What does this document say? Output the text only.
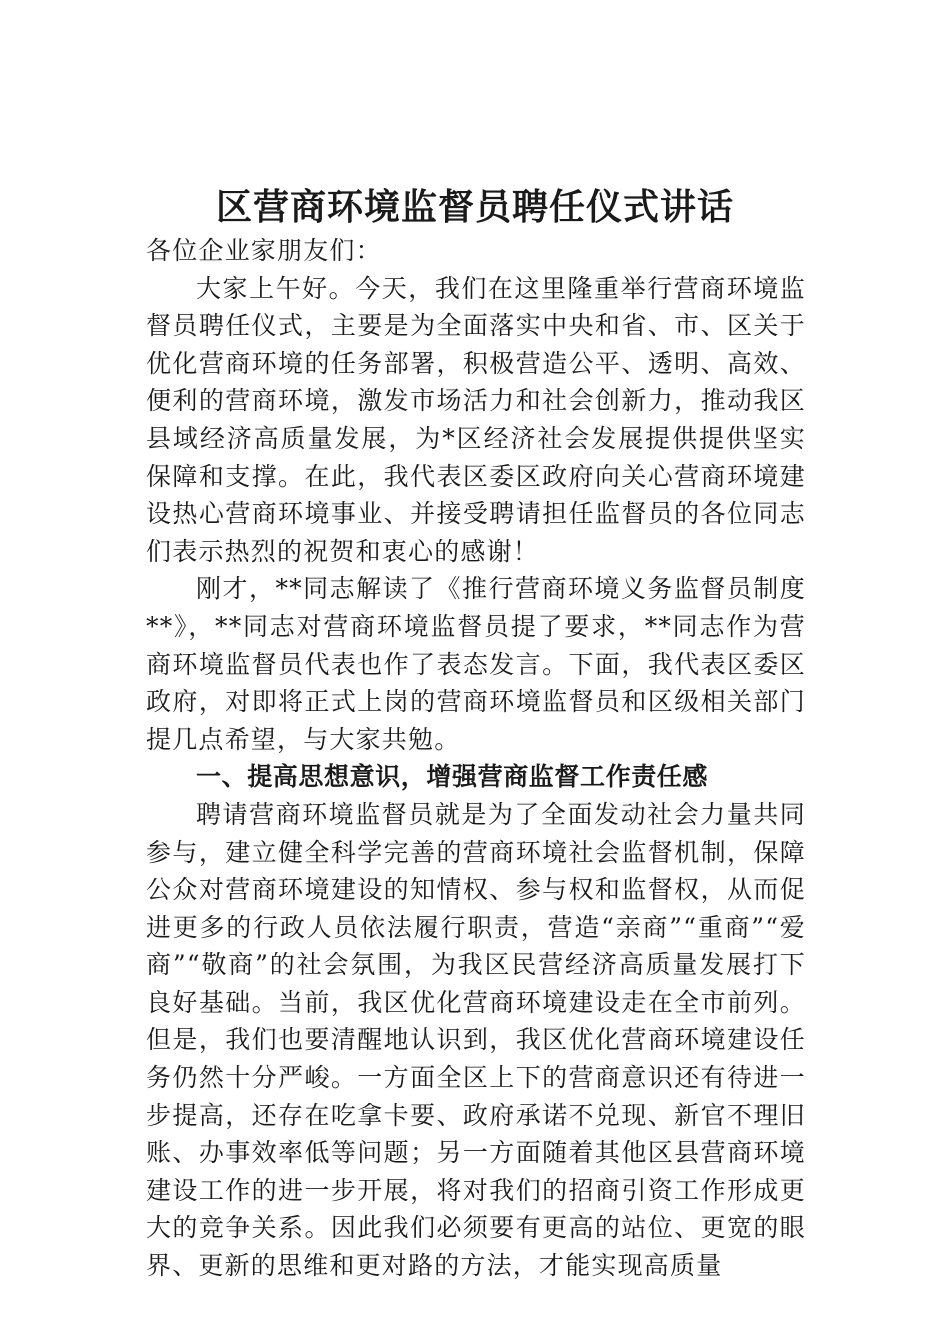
区营商环境监督员聘任仪式讲话

各位企业家朋友们：

大家上午好。今天，我们在这里隆重举行营商环境监督员聘任仪式，主要是为全面落实中央和省、市、区关于优化营商环境的任务部署，积极营造公平、透明、高效、便利的营商环境，激发市场活力和社会创新力，推动我区县域经济高质量发展，为*区经济社会发展提供提供坚实保障和支撑。在此，我代表区委区政府向关心营商环境建设热心营商环境事业、并接受聘请担任监督员的各位同志们表示热烈的祝贺和衷心的感谢！

刚才，**同志解读了《推行营商环境义务监督员制度**》，**同志对营商环境监督员提了要求，**同志作为营商环境监督员代表也作了表态发言。下面，我代表区委区政府，对即将正式上岗的营商环境监督员和区级相关部门提几点希望，与大家共勉。

一、提高思想意识，增强营商监督工作责任感

聘请营商环境监督员就是为了全面发动社会力量共同参与，建立健全科学完善的营商环境社会监督机制，保障公众对营商环境建设的知情权、参与权和监督权，从而促进更多的行政人员依法履行职责，营造“亲商”“重商”“爱商”“敬商”的社会氛围，为我区民营经济高质量发展打下良好基础。当前，我区优化营商环境建设走在全市前列。但是，我们也要清醒地认识到，我区优化营商环境建设任务仍然十分严峻。一方面全区上下的营商意识还有待进一步提高，还存在吃拿卡要、政府承诺不兑现、新官不理旧账、办事效率低等问题；另一方面随着其他区县营商环境建设工作的进一步开展，将对我们的招商引资工作形成更大的竞争关系。因此我们必须要有更高的站位、更宽的眼界、更新的思维和更对路的方法，才能实现高质量
